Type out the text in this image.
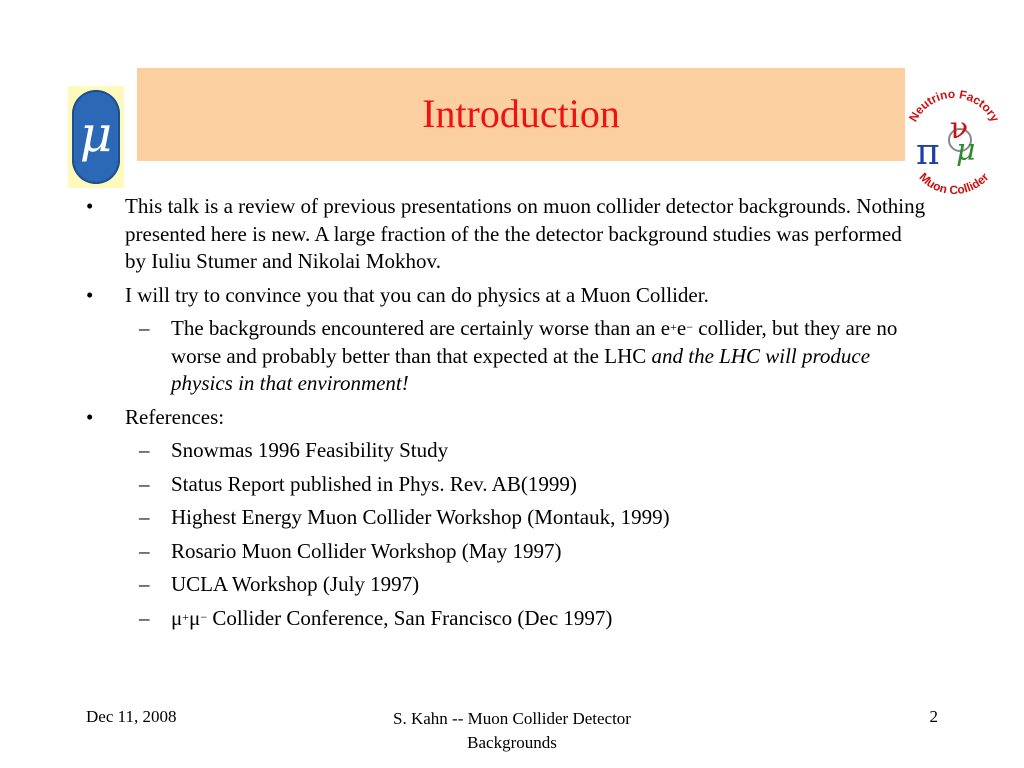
μ	Introduction	Neutrino Factory
Muon Collider
ν
π μ
• This talk is a review of previous presentations on muon collider detector backgrounds. Nothing presented here is new. A large fraction of the the detector background studies was performed by Iuliu Stumer and Nikolai Mokhov.
• I will try to convince you that you can do physics at a Muon Collider.
– The backgrounds encountered are certainly worse than an e+e− collider, but they are no worse and probably better than that expected at the LHC and the LHC will produce physics in that environment!
• References:
– Snowmas 1996 Feasibility Study
– Status Report published in Phys. Rev. AB(1999)
– Highest Energy Muon Collider Workshop (Montauk, 1999)
– Rosario Muon Collider Workshop (May 1997)
– UCLA Workshop (July 1997)
– μ+μ− Collider Conference, San Francisco (Dec 1997)
Dec 11, 2008	S. Kahn -- Muon Collider Detector
Backgrounds
2
